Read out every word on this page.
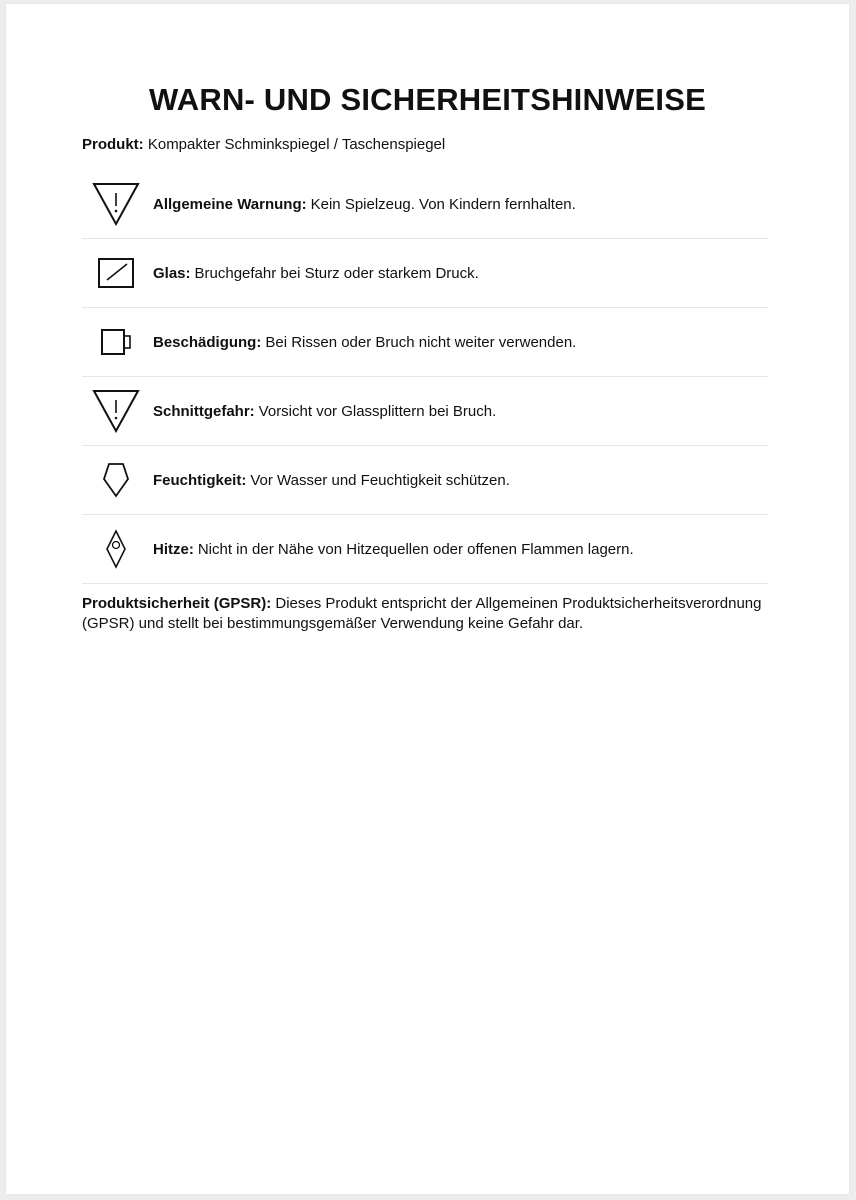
WARN- UND SICHERHEITSHINWEISE
Produkt: Kompakter Schminkspiegel / Taschenspiegel
Allgemeine Warnung: Kein Spielzeug. Von Kindern fernhalten.
Glas: Bruchgefahr bei Sturz oder starkem Druck.
Beschädigung: Bei Rissen oder Bruch nicht weiter verwenden.
Schnittgefahr: Vorsicht vor Glassplittern bei Bruch.
Feuchtigkeit: Vor Wasser und Feuchtigkeit schützen.
Hitze: Nicht in der Nähe von Hitzequellen oder offenen Flammen lagern.
Produktsicherheit (GPSR): Dieses Produkt entspricht der Allgemeinen Produktsicherheitsverordnung (GPSR) und stellt bei bestimmungsgemäßer Verwendung keine Gefahr dar.
